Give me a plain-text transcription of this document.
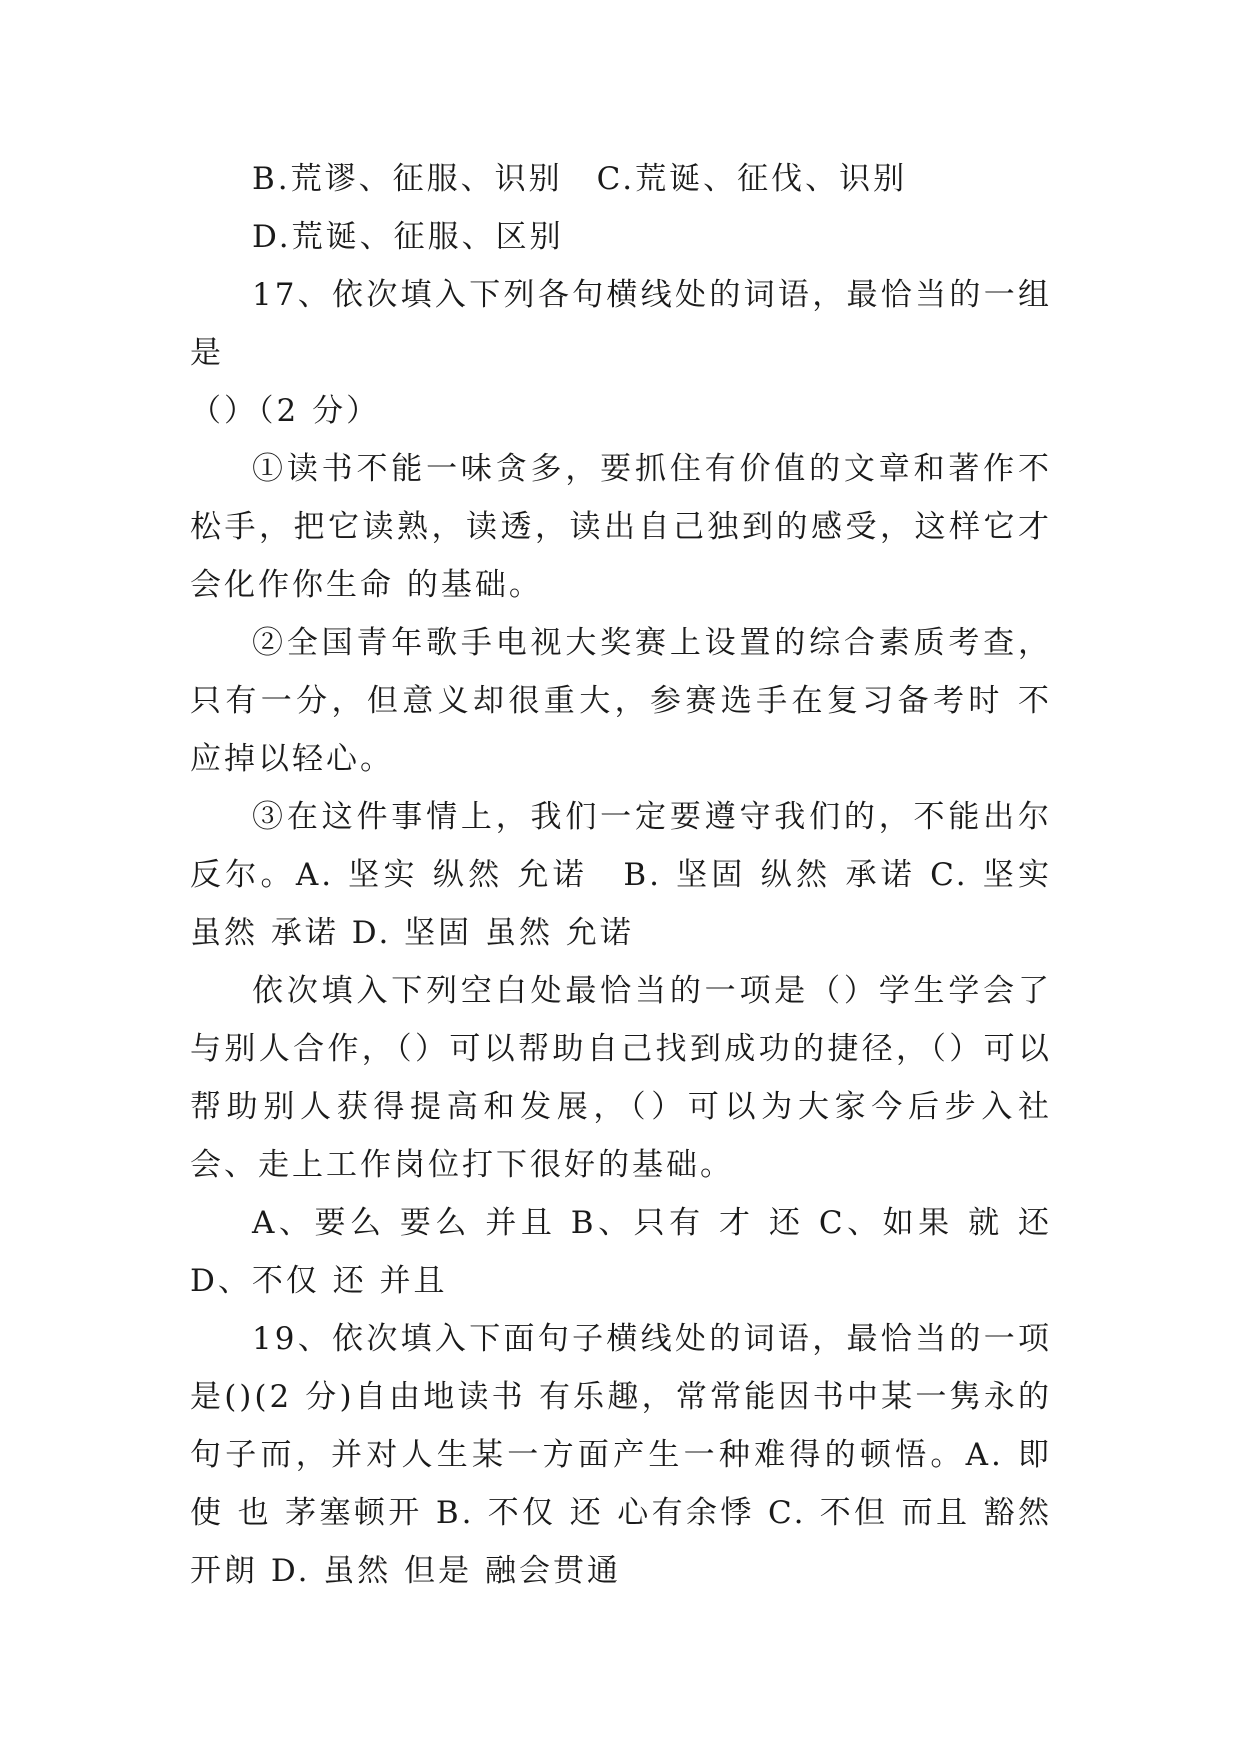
B.荒谬、征服、识别　C.荒诞、征伐、识别

D.荒诞、征服、区别

17、依次填入下列各句横线处的词语，最恰当的一组是

（）（2 分）

①读书不能一味贪多，要抓住有价值的文章和著作不松手，把它读熟，读透，读出自己独到的感受，这样它才会化作你生命 的基础。

②全国青年歌手电视大奖赛上设置的综合素质考查，只有一分，但意义却很重大，参赛选手在复习备考时 不应掉以轻心。

③在这件事情上，我们一定要遵守我们的，不能出尔反尔。A. 坚实 纵然 允诺　B. 坚固 纵然 承诺 C. 坚实 虽然 承诺 D. 坚固 虽然 允诺

依次填入下列空白处最恰当的一项是（）学生学会了与别人合作，（）可以帮助自己找到成功的捷径，（）可以帮助别人获得提高和发展，（）可以为大家今后步入社会、走上工作岗位打下很好的基础。

A、要么 要么 并且 B、只有 才 还 C、如果 就 还 D、不仅 还 并且

19、依次填入下面句子横线处的词语，最恰当的一项是()(2 分)自由地读书 有乐趣，常常能因书中某一隽永的句子而，并对人生某一方面产生一种难得的顿悟。A. 即使 也 茅塞顿开 B. 不仅 还 心有余悸 C. 不但 而且 豁然开朗 D. 虽然 但是 融会贯通
